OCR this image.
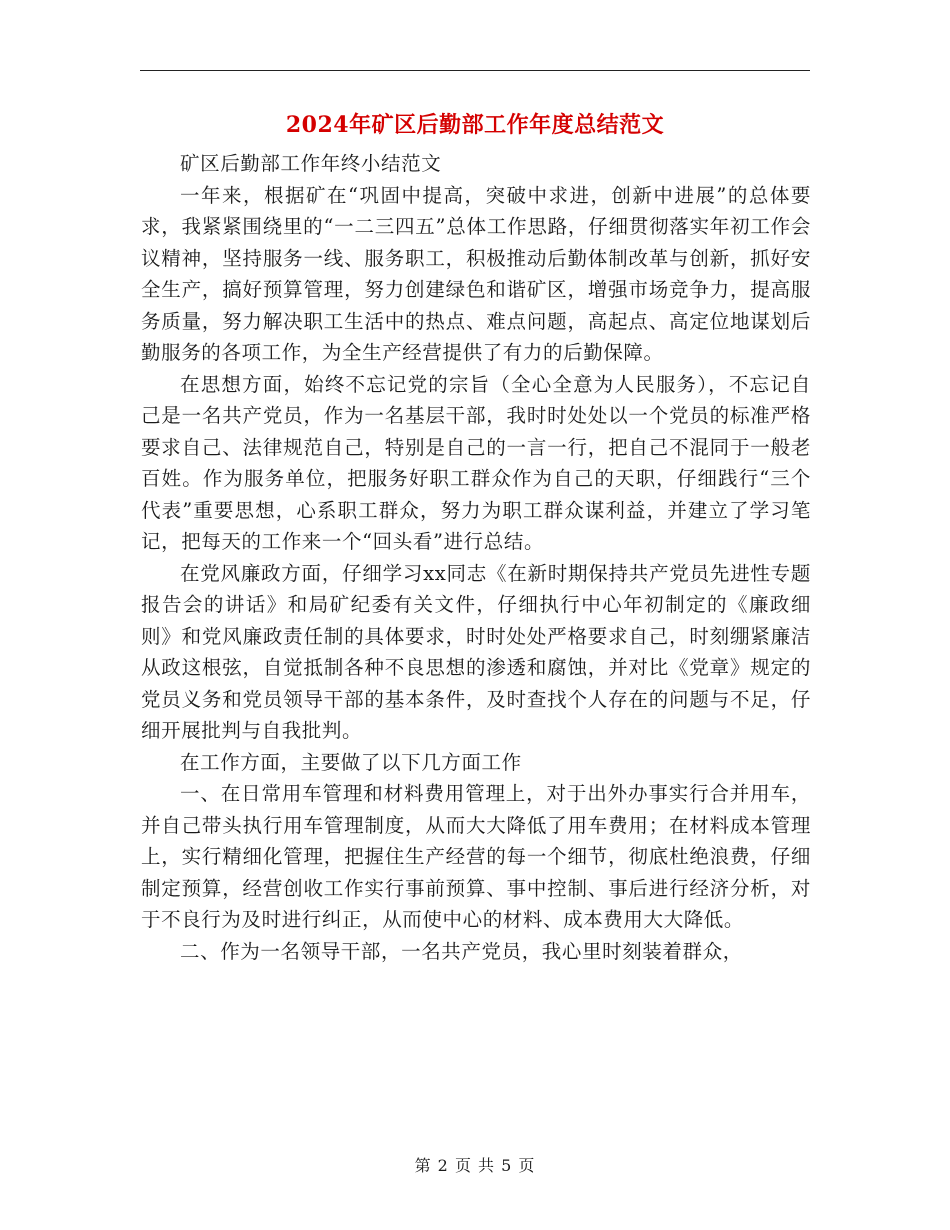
2024年矿区后勤部工作年度总结范文

矿区后勤部工作年终小结范文

一年来，根据矿在“巩固中提高，突破中求进，创新中进展”的总体要求，我紧紧围绕里的“一二三四五”总体工作思路，仔细贯彻落实年初工作会议精神，坚持服务一线、服务职工，积极推动后勤体制改革与创新，抓好安全生产，搞好预算管理，努力创建绿色和谐矿区，增强市场竞争力，提高服务质量，努力解决职工生活中的热点、难点问题，高起点、高定位地谋划后勤服务的各项工作，为全生产经营提供了有力的后勤保障。

在思想方面，始终不忘记党的宗旨（全心全意为人民服务），不忘记自己是一名共产党员，作为一名基层干部，我时时处处以一个党员的标准严格要求自己、法律规范自己，特别是自己的一言一行，把自己不混同于一般老百姓。作为服务单位，把服务好职工群众作为自己的天职，仔细践行“三个代表”重要思想，心系职工群众，努力为职工群众谋利益，并建立了学习笔记，把每天的工作来一个“回头看”进行总结。

在党风廉政方面，仔细学习xx同志《在新时期保持共产党员先进性专题报告会的讲话》和局矿纪委有关文件，仔细执行中心年初制定的《廉政细则》和党风廉政责任制的具体要求，时时处处严格要求自己，时刻绷紧廉洁从政这根弦，自觉抵制各种不良思想的渗透和腐蚀，并对比《党章》规定的党员义务和党员领导干部的基本条件，及时查找个人存在的问题与不足，仔细开展批判与自我批判。

在工作方面，主要做了以下几方面工作

一、在日常用车管理和材料费用管理上，对于出外办事实行合并用车，并自己带头执行用车管理制度，从而大大降低了用车费用；在材料成本管理上，实行精细化管理，把握住生产经营的每一个细节，彻底杜绝浪费，仔细制定预算，经营创收工作实行事前预算、事中控制、事后进行经济分析，对于不良行为及时进行纠正，从而使中心的材料、成本费用大大降低。

二、作为一名领导干部，一名共产党员，我心里时刻装着群众，

第 2 页 共 5 页
